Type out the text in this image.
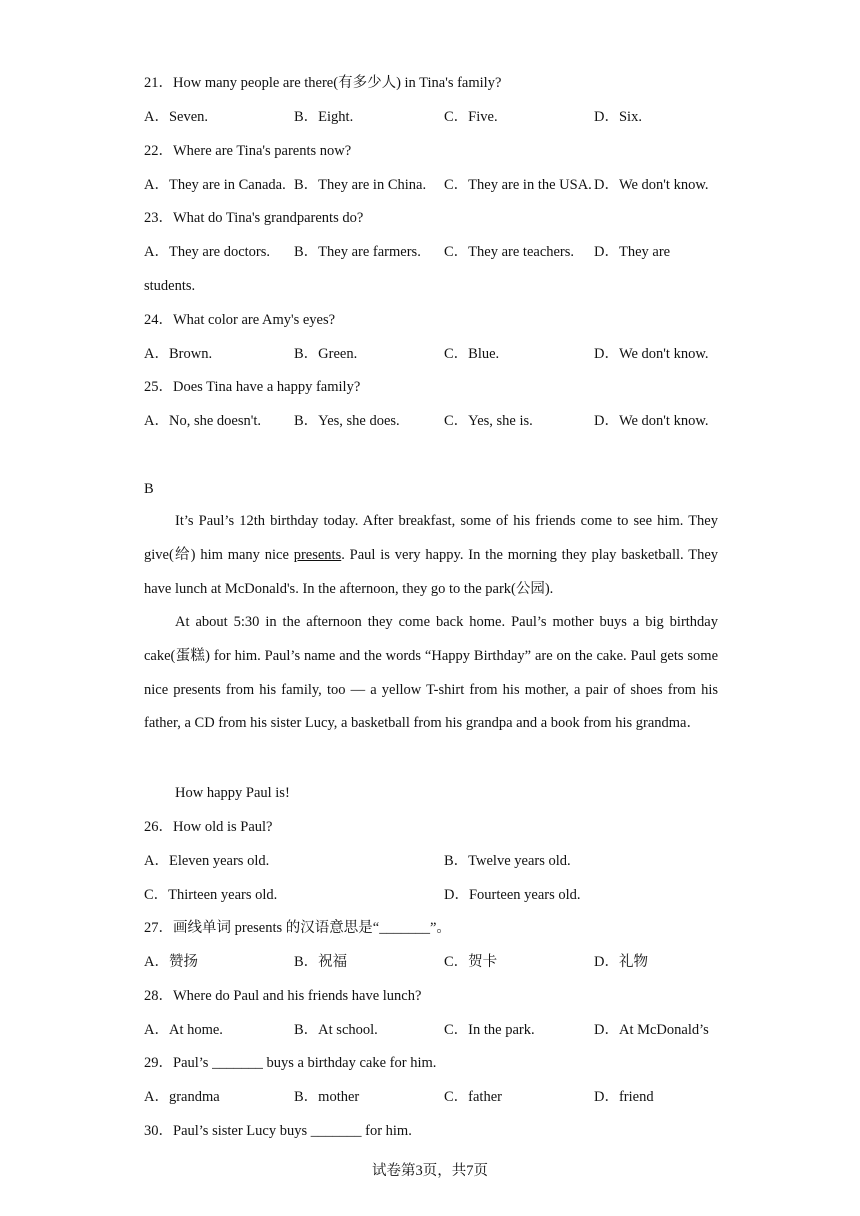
21．How many people are there(有多少人) in Tina's family?
A．Seven.	B．Eight.	C．Five.	D．Six.
22．Where are Tina's parents now?
A．They are in Canada. B．They are in China. C．They are in the USA. D．We don't know.
23．What do Tina's grandparents do?
A．They are doctors. B．They are farmers. C．They are teachers. D．They are
students.
24．What color are Amy's eyes?
A．Brown.	B．Green.	C．Blue.	D．We don't know.
25．Does Tina have a happy family?
A．No, she doesn't. B．Yes, she does.	C．Yes, she is.	D．We don't know.
B
It’s Paul’s 12th birthday today. After breakfast, some of his friends come to see him. They give(给) him many nice presents. Paul is very happy. In the morning they play basketball. They have lunch at McDonald's. In the afternoon, they go to the park(公园).
At about 5:30 in the afternoon they come back home. Paul’s mother buys a big birthday cake(蛋糕) for him. Paul’s name and the words “Happy Birthday” are on the cake. Paul gets some nice presents from his family, too — a yellow T-shirt from his mother, a pair of shoes from his father, a CD from his sister Lucy, a basketball from his grandpa and a book from his grandma．
How happy Paul is!
26．How old is Paul?
A．Eleven years old.	B．Twelve years old.
C．Thirteen years old.	D．Fourteen years old.
27．画线单词 presents 的汉语意思是“_______”。
A．赞扬	B．祝福	C．贺卡	D．礼物
28．Where do Paul and his friends have lunch?
A．At home.	B．At school.	C．In the park.	D．At McDonald’s
29．Paul’s _______ buys a birthday cake for him.
A．grandma	B．mother	C．father	D．friend
30．Paul’s sister Lucy buys _______ for him.
试卷第3页，共7页
